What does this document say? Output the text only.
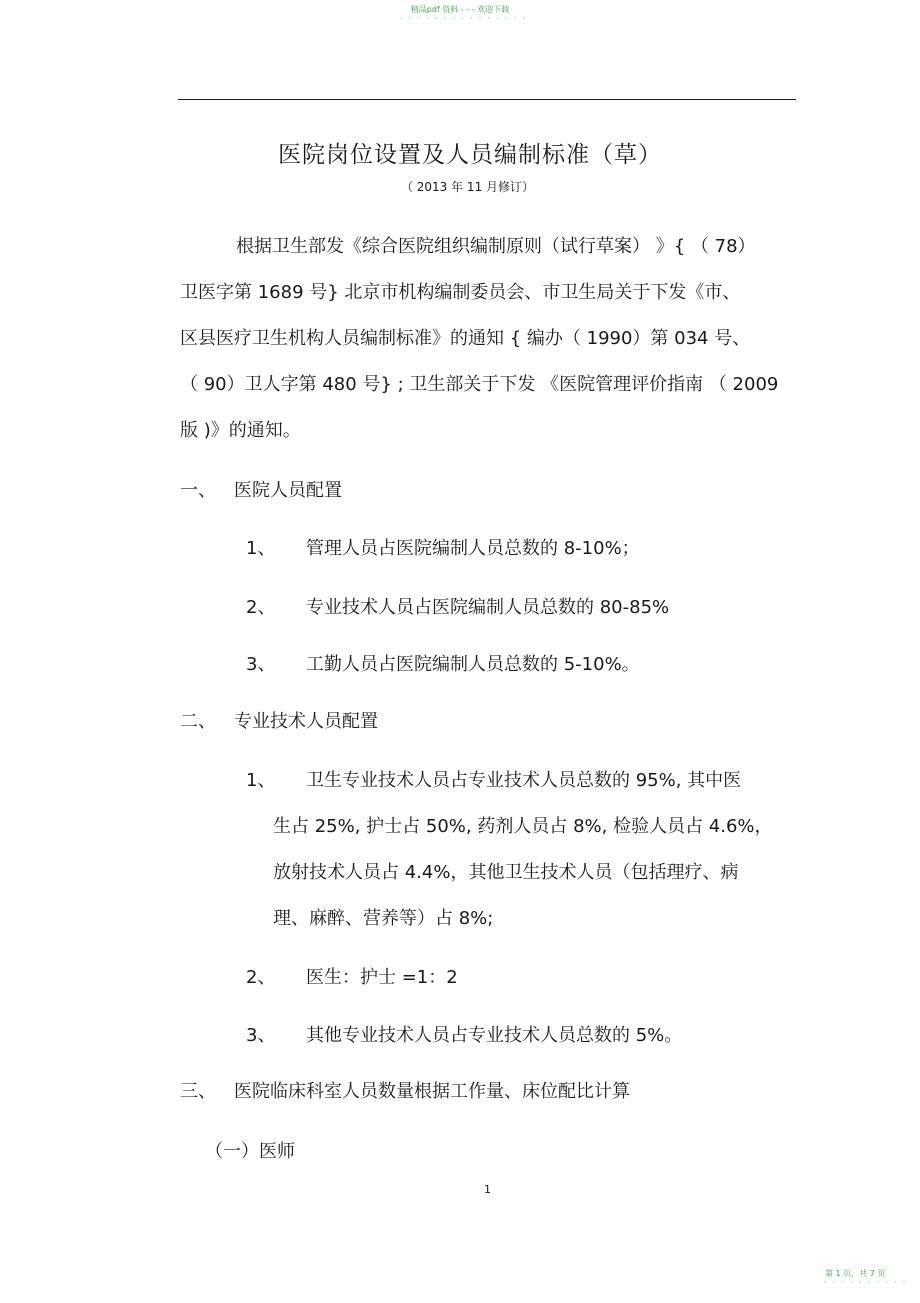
精品pdf 资料 - - - 欢迎下载
- - - - - - - - - - - - - - -
医院岗位设置及人员编制标准（草）
（ 2013 年 11 月修订）
根据卫生部发《综合医院组织编制原则（试行草案） 》{ （ 78）
卫医字第 1689 号} 北京市机构编制委员会、市卫生局关于下发《市、
区县医疗卫生机构人员编制标准》的通知 { 编办（ 1990）第 034 号、
（ 90）卫人字第 480 号} ; 卫生部关于下发 《医院管理评价指南 （ 2009
版 )》的通知。
一、 医院人员配置
1、 管理人员占医院编制人员总数的 8-10%；
2、 专业技术人员占医院编制人员总数的 80-85%
3、 工勤人员占医院编制人员总数的 5-10%。
二、 专业技术人员配置
1、 卫生专业技术人员占专业技术人员总数的 95%, 其中医
生占 25%, 护士占 50%, 药剂人员占 8%, 检验人员占 4.6%，
放射技术人员占 4.4%，其他卫生技术人员（包括理疗、病
理、麻醉、营养等）占 8%;
2、 医生：护士 =1：2
3、 其他专业技术人员占专业技术人员总数的 5%。
三、 医院临床科室人员数量根据工作量、床位配比计算
（一）医师
1
第 1 页，共 7 页
- - - - - - - - - -
